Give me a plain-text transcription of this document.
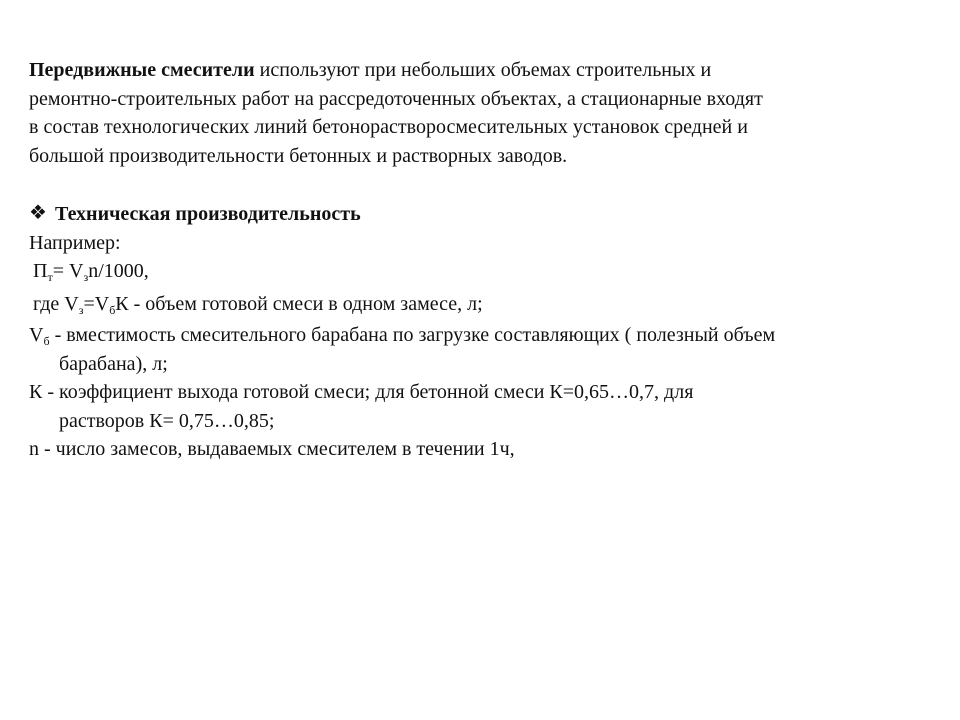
Передвижные смесители используют при небольших объемах строительных и
ремонтно-строительных работ на рассредоточенных объектах, а стационарные входят
в состав технологических линий бетонорастворосмесительных установок средней и
большой производительности бетонных и растворных заводов.

❖ Техническая производительность

Например:

$П_т= V_зn/1000$,

где $V_з=V_бК$ - объем готовой смеси в одном замесе, л;

$V_б$ - вместимость смесительного барабана по загрузке составляющих ( полезный объем
барабана), л;

К - коэффициент выхода готовой смеси; для бетонной смеси К=0,65…0,7, для
растворов К= 0,75…0,85;

n - число замесов, выдаваемых смесителем в течении 1ч,
